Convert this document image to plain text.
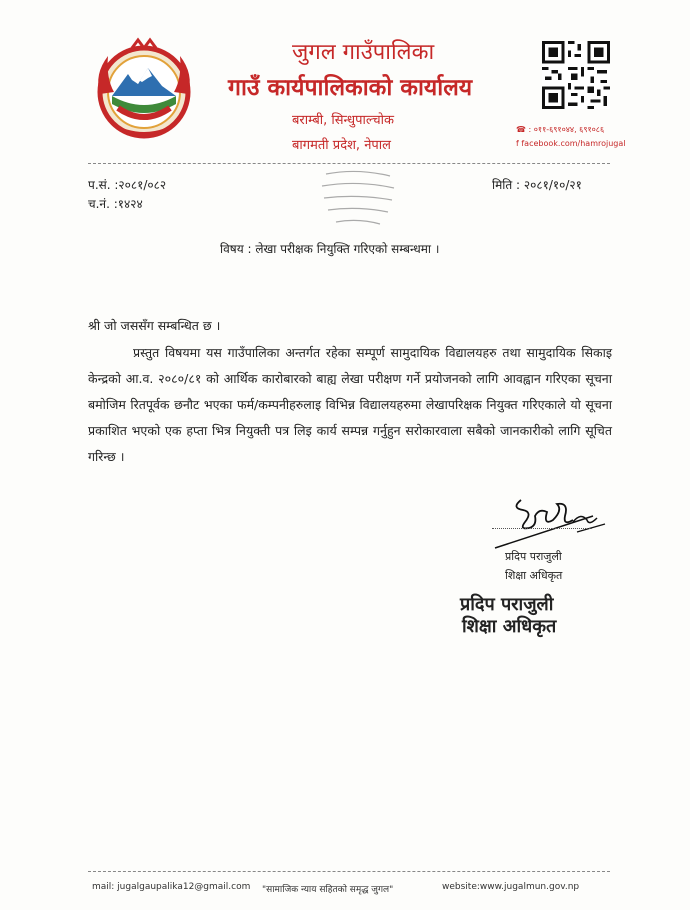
जुगल गाउँपालिका
गाउँ कार्यपालिकाको कार्यालय
बराम्बी, सिन्धुपाल्चोक
बागमती प्रदेश, नेपाल
☎ : ०११-६९१०४४, ६९१०८६
f facebook.com/hamrojugal
प.सं. :२०८१/०८२
च.नं. :१४२४
मिति : २०८१/१०/२१
विषय : लेखा परीक्षक नियुक्ति गरिएको सम्बन्धमा ।
श्री जो जससँग सम्बन्धित छ ।

प्रस्तुत विषयमा यस गाउँपालिका अन्तर्गत रहेका सम्पूर्ण सामुदायिक विद्यालयहरु तथा सामुदायिक सिकाइ केन्द्रको आ.व. २०८०/८१ को आर्थिक कारोबारको बाह्य लेखा परीक्षण गर्ने प्रयोजनको लागि आवह्वान गरिएका सूचना बमोजिम रितपूर्वक छनौट भएका फर्म/कम्पनीहरुलाइ विभिन्न विद्यालयहरुमा लेखापरिक्षक नियुक्त गरिएकाले यो सूचना प्रकाशित भएको एक हप्ता भित्र नियुक्ती पत्र लिइ कार्य सम्पन्न गर्नुहुन सरोकारवाला सबैको जानकारीको लागि सूचित गरिन्छ ।

प्रदिप पराजुली
शिक्षा अधिकृत
प्रदिप पराजुली
शिक्षा अधिकृत
mail: jugalgaupalika12@gmail.com "सामाजिक न्याय सहितको समृद्ध जुगल"	website:www.jugalmun.gov.np
